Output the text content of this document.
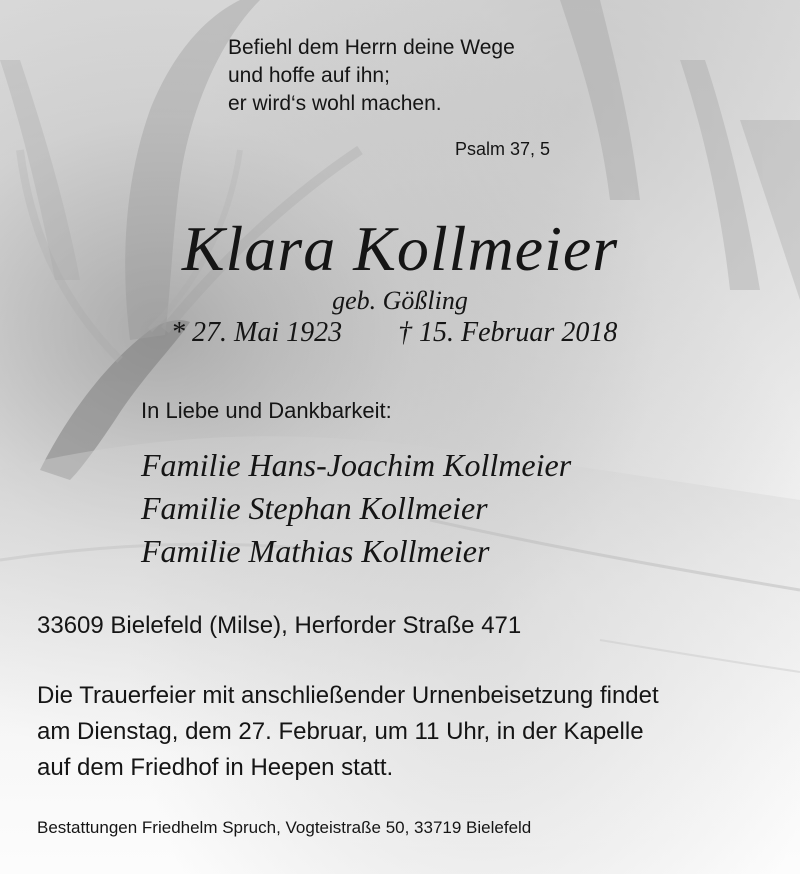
Befiehl dem Herrn deine Wege
und hoffe auf ihn;
er wird‘s wohl machen.

Psalm 37, 5

Klara Kollmeier

geb. Gößling

* 27. Mai 1923 † 15. Februar 2018

In Liebe und Dankbarkeit:

Familie Hans-Joachim Kollmeier
Familie Stephan Kollmeier
Familie Mathias Kollmeier

33609 Bielefeld (Milse), Herforder Straße 471

Die Trauerfeier mit anschließender Urnenbeisetzung findet
am Dienstag, dem 27. Februar, um 11 Uhr, in der Kapelle
auf dem Friedhof in Heepen statt.

Bestattungen Friedhelm Spruch, Vogteistraße 50, 33719 Bielefeld
